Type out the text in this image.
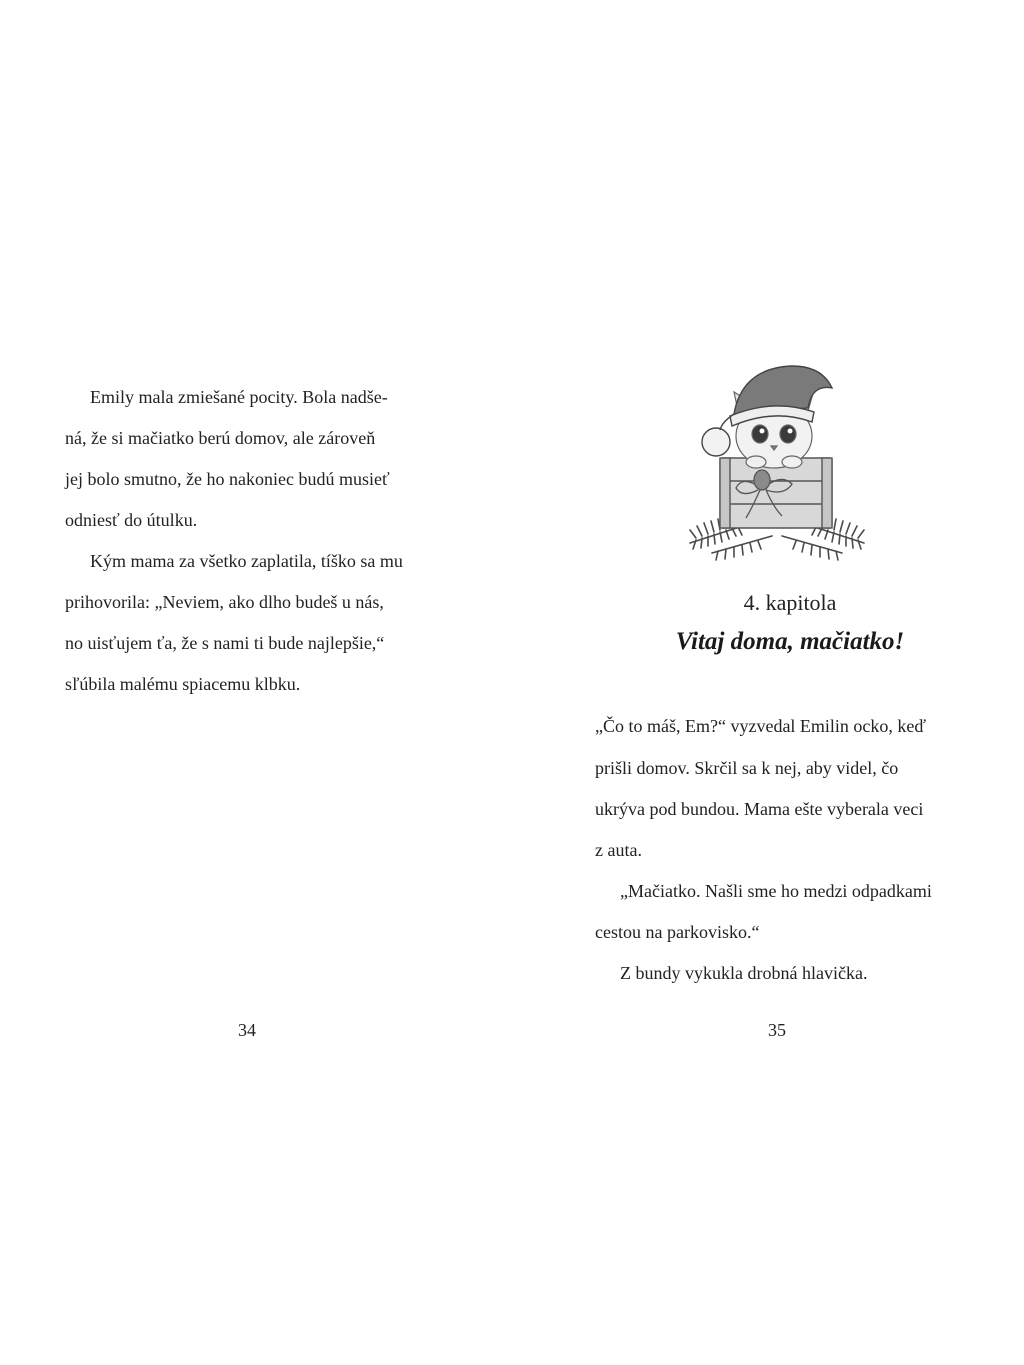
Emily mala zmiešané pocity. Bola nadše-
ná, že si mačiatko berú domov, ale zároveň
jej bolo smutno, že ho nakoniec budú musieť
odniesť do útulku.
Kým mama za všetko zaplatila, tíško sa mu
prihovorila: „Neviem, ako dlho budeš u nás,
no uisťujem ťa, že s nami ti bude najlepšie,“
sľúbila malému spiacemu klbku.
34
4. kapitola
Vitaj doma, mačiatko!
„Čo to máš, Em?“ vyzvedal Emilin ocko, keď
prišli domov. Skrčil sa k nej, aby videl, čo
ukrýva pod bundou. Mama ešte vyberala veci
z auta.
„Mačiatko. Našli sme ho medzi odpadkami
cestou na parkovisko.“
Z bundy vykukla drobná hlavička.
35
